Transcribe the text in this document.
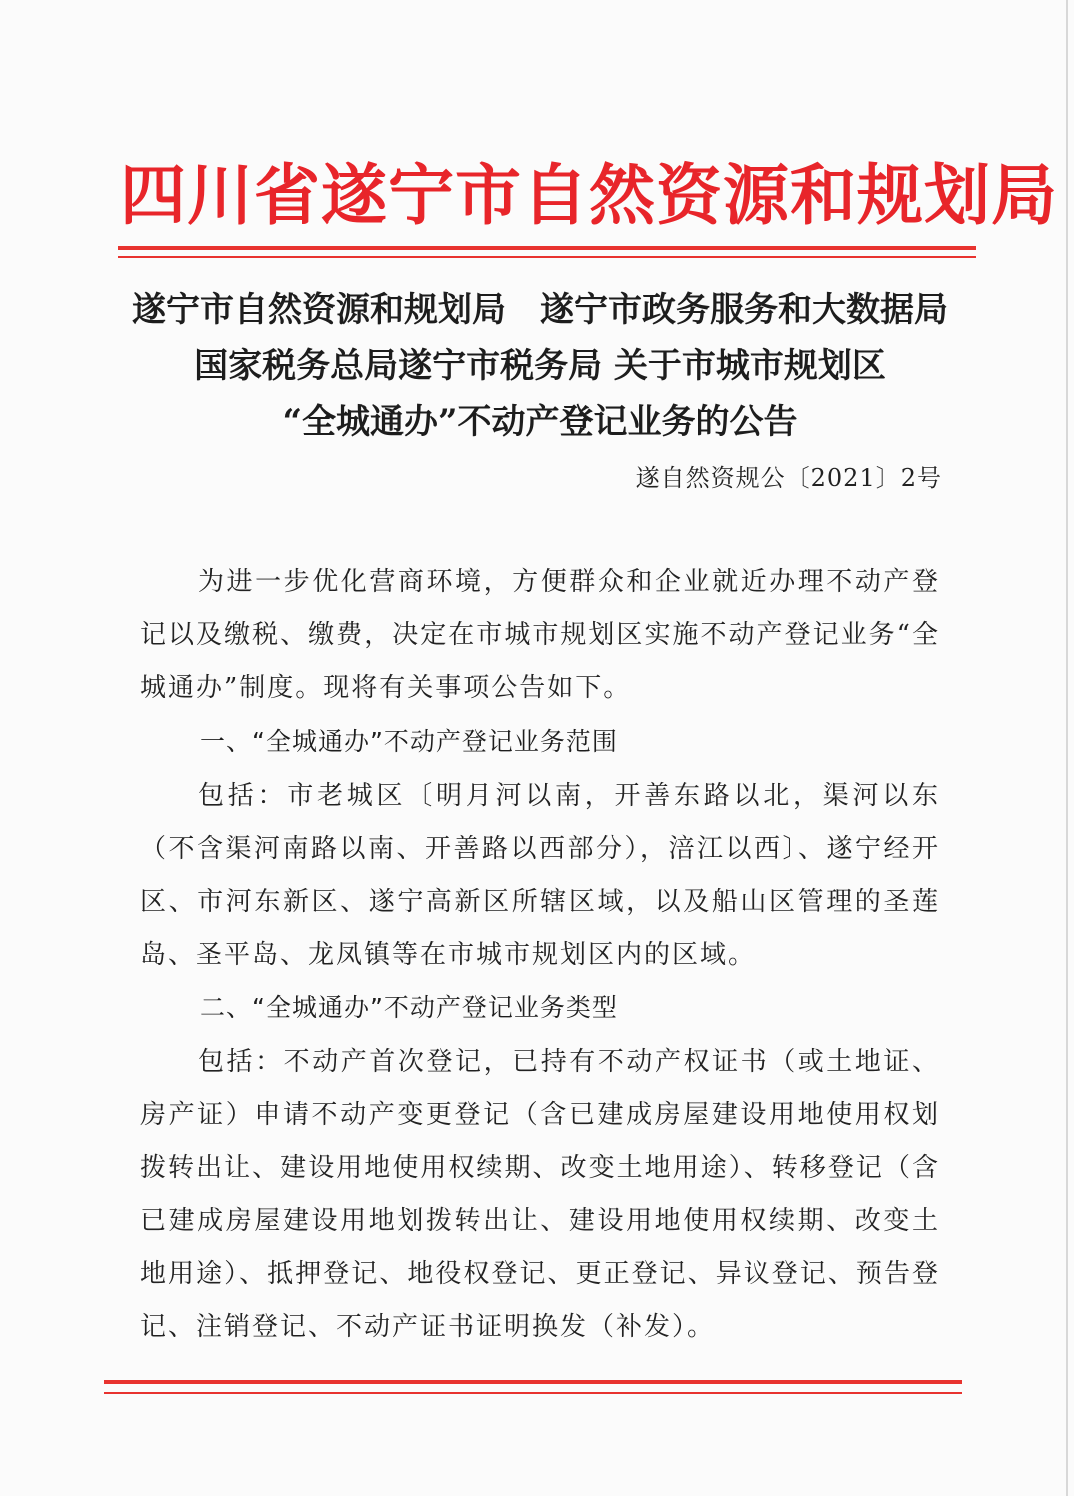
四川省遂宁市自然资源和规划局
遂宁市自然资源和规划局　遂宁市政务服务和大数据局
国家税务总局遂宁市税务局 关于市城市规划区
“全城通办”不动产登记业务的公告
遂自然资规公〔2021〕2号
为进一步优化营商环境，方便群众和企业就近办理不动产登记以及缴税、缴费，决定在市城市规划区实施不动产登记业务“全城通办”制度。现将有关事项公告如下。
一、“全城通办”不动产登记业务范围
包括：市老城区〔明月河以南，开善东路以北，渠河以东（不含渠河南路以南、开善路以西部分），涪江以西〕、遂宁经开区、市河东新区、遂宁高新区所辖区域，以及船山区管理的圣莲岛、圣平岛、龙凤镇等在市城市规划区内的区域。
二、“全城通办”不动产登记业务类型
包括：不动产首次登记，已持有不动产权证书（或土地证、房产证）申请不动产变更登记（含已建成房屋建设用地使用权划拨转出让、建设用地使用权续期、改变土地用途）、转移登记（含已建成房屋建设用地划拨转出让、建设用地使用权续期、改变土地用途）、抵押登记、地役权登记、更正登记、异议登记、预告登记、注销登记、不动产证书证明换发（补发）。
